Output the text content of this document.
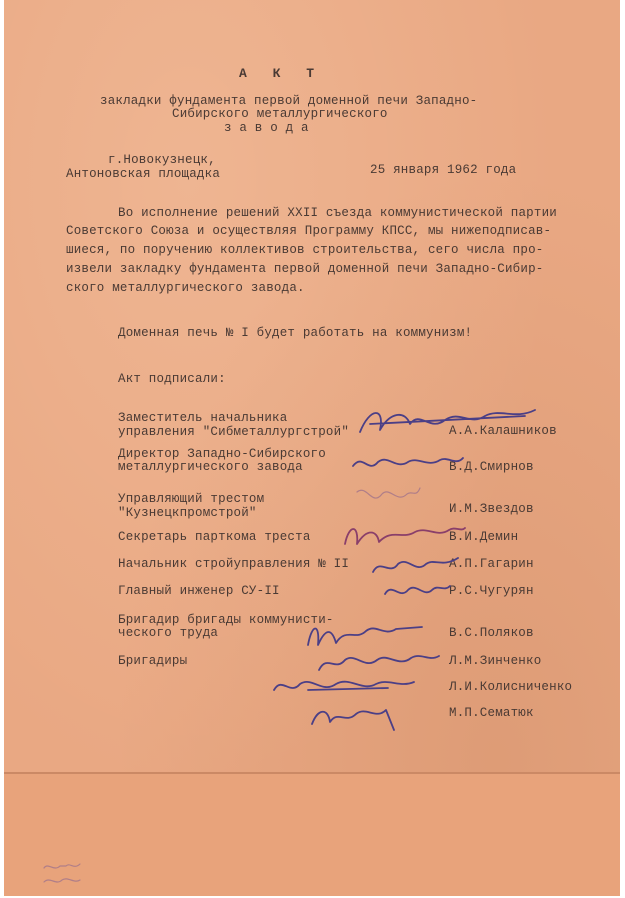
А К Т
закладки фундамента первой доменной печи Западно-
Сибирского металлургического
з а в о д а
г.Новокузнецк,
Антоновская площадка	25 января 1962 года
Во исполнение решений XXII съезда коммунистической партии
Советского Союза и осуществляя Программу КПСС, мы нижеподписав-
шиеся, по поручению коллективов строительства, сего числа про-
извели закладку фундамента первой доменной печи Западно-Сибир-
ского металлургического завода.
Доменная печь № I будет работать на коммунизм!
Акт подписали:
Заместитель начальника
управления "Сибметаллургстрой"
Директор Западно-Сибирского
металлургического завода
Управляющий трестом
"Кузнецкпромстрой"
Секретарь парткома треста
Начальник стройуправления № II
Главный инженер СУ-II
Бригадир бригады коммунисти-
ческого труда
Бригадиры
А.А.Калашников
В.Д.Смирнов
И.М.Звездов
В.И.Демин
А.П.Гагарин
Р.С.Чугурян
В.С.Поляков
Л.М.Зинченко
Л.И.Колисниченко
М.П.Сематюк
